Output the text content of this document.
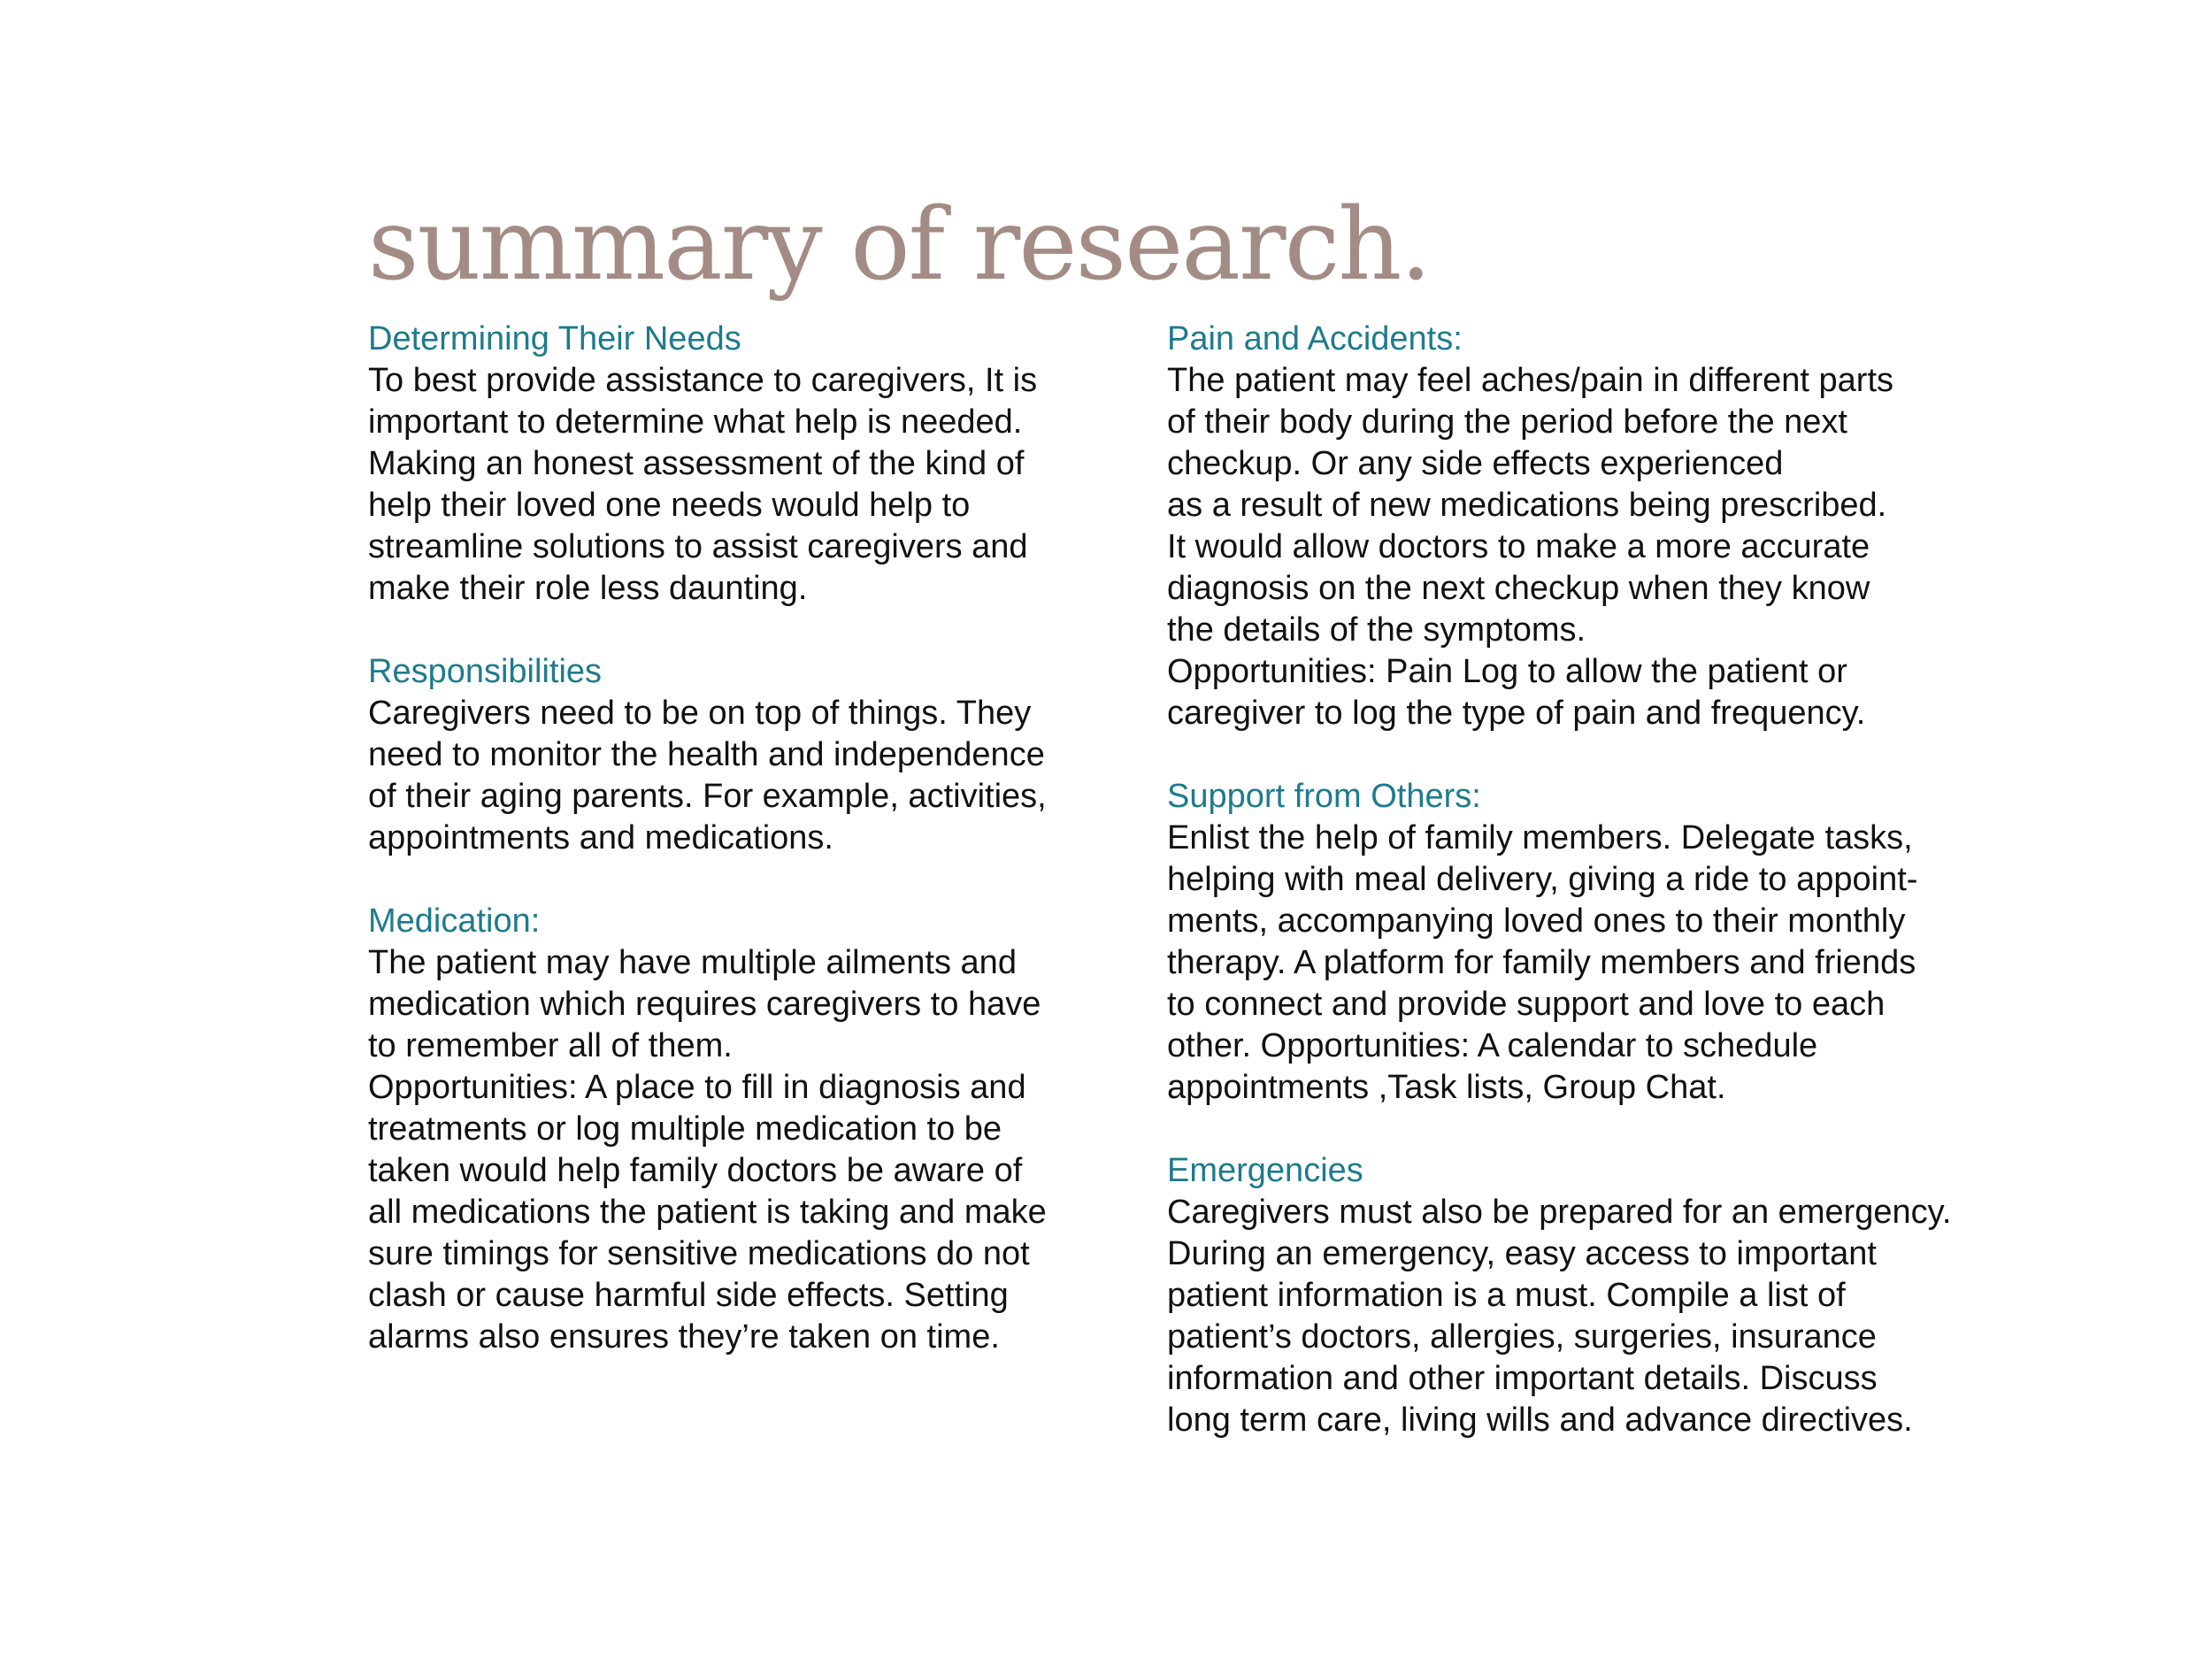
summary of research.
Determining Their Needs

To best provide assistance to caregivers, It is
important to determine what help is needed.
Making an honest assessment of the kind of
help their loved one needs would help to
streamline solutions to assist caregivers and
make their role less daunting.

Responsibilities

Caregivers need to be on top of things. They
need to monitor the health and independence
of their aging parents. For example, activities,
appointments and medications.

Medication:

The patient may have multiple ailments and
medication which requires caregivers to have
to remember all of them.
Opportunities: A place to fill in diagnosis and
treatments or log multiple medication to be
taken would help family doctors be aware of
all medications the patient is taking and make
sure timings for sensitive medications do not
clash or cause harmful side effects. Setting
alarms also ensures they’re taken on time.

Pain and Accidents:

The patient may feel aches/pain in different parts
of their body during the period before the next
checkup. Or any side effects experienced
as a result of new medications being prescribed.
It would allow doctors to make a more accurate
diagnosis on the next checkup when they know
the details of the symptoms.
Opportunities: Pain Log to allow the patient or
caregiver to log the type of pain and frequency.

Support from Others:

Enlist the help of family members. Delegate tasks,
helping with meal delivery, giving a ride to appoint-
ments, accompanying loved ones to their monthly
therapy. A platform for family members and friends
to connect and provide support and love to each
other. Opportunities: A calendar to schedule
appointments ,Task lists, Group Chat.

Emergencies

Caregivers must also be prepared for an emergency.
During an emergency, easy access to important
patient information is a must. Compile a list of
patient’s doctors, allergies, surgeries, insurance
information and other important details. Discuss
long term care, living wills and advance directives.
